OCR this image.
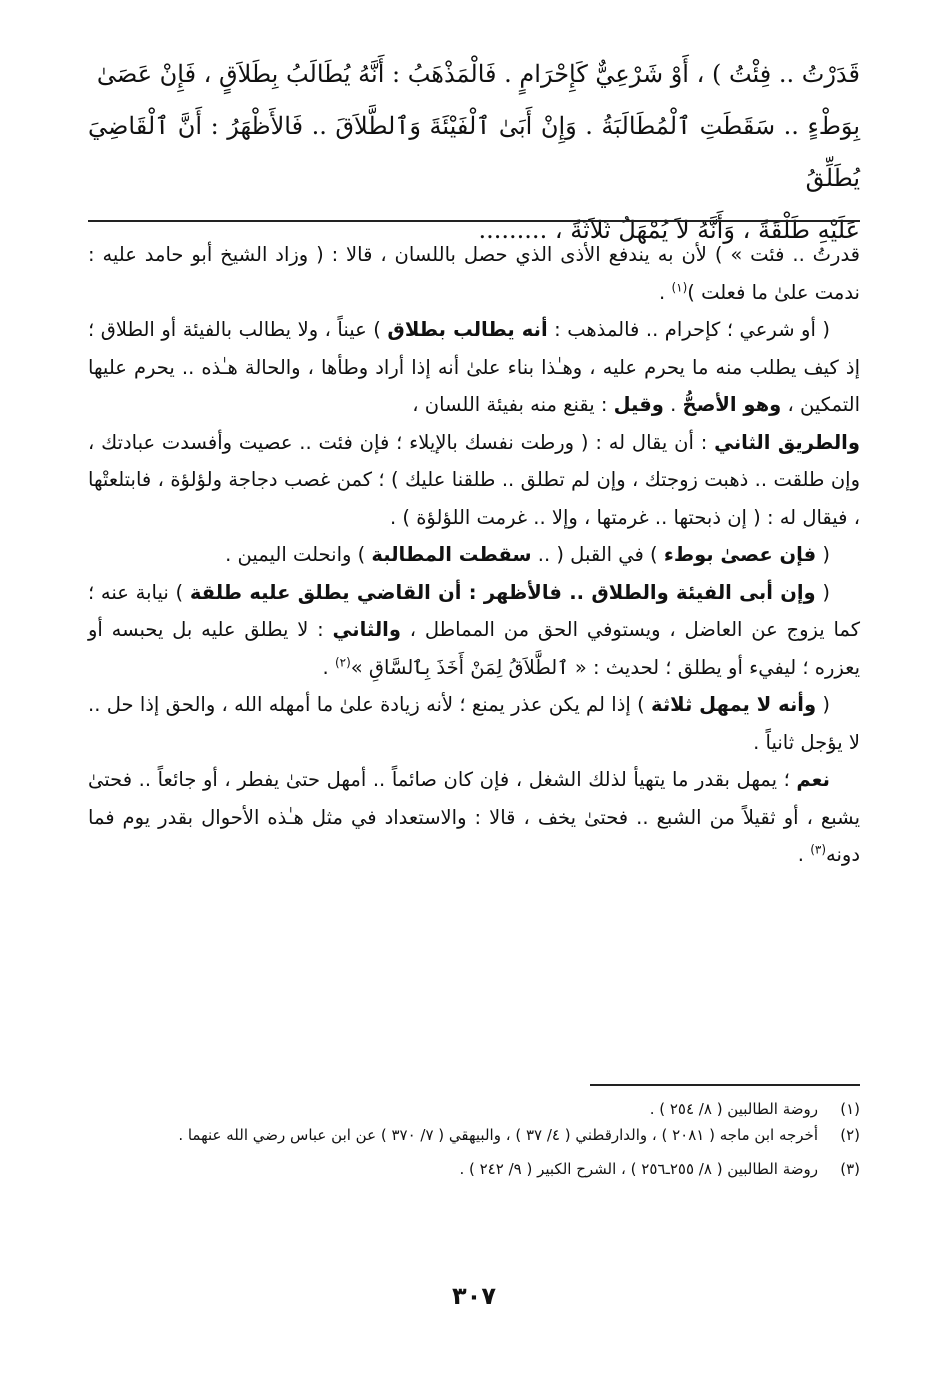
قَدَرْتُ .. فِئْتُ ) ، أَوْ شَرْعِيٌّ كَإِحْرَامٍ . فَالْمَذْهَبُ : أَنَّهُ يُطَالَبُ بِطَلاَقٍ ، فَإِنْ عَصَىٰ
بِوَطْءٍ .. سَقَطَتِ ٱلْمُطَالَبَةُ . وَإِنْ أَبَىٰ ٱلْفَيْئَةَ وَٱلطَّلاَقَ .. فَالأَظْهَرُ : أَنَّ ٱلْقَاضِيَ يُطَلِّقُ
عَلَيْهِ طَلْقَةً ، وَأَنَّهُ لاَ يُمْهَلُ ثَلاَثَةً ، .........

قدرتُ .. فئت » ) لأن به يندفع الأذى الذي حصل باللسان ، قالا : ( وزاد الشيخ أبو حامد عليه : ندمت علىٰ ما فعلت )$^{(١)}$ .

( أو شرعي ؛ كإحرام .. فالمذهب : أنه يطالب بطلاق ) عيناً ، ولا يطالب بالفيئة أو الطلاق ؛ إذ كيف يطلب منه ما يحرم عليه ، وهـٰذا بناء علىٰ أنه إذا أراد وطأها ، والحالة هـٰذه .. يحرم عليها التمكين ، وهو الأصحُّ . وقيل : يقنع منه بفيئة اللسان ،

والطريق الثاني : أن يقال له : ( ورطت نفسك بالإيلاء ؛ فإن فئت .. عصيت وأفسدت عبادتك ، وإن طلقت .. ذهبت زوجتك ، وإن لم تطلق .. طلقنا عليك ) ؛ كمن غصب دجاجة ولؤلؤة ، فابتلعتْها ، فيقال له : ( إن ذبحتها .. غرمتها ، وإلا .. غرمت اللؤلؤة ) .

( فإن عصىٰ بوطء ) في القبل ( .. سقطت المطالبة ) وانحلت اليمين .

( وإن أبى الفيئة والطلاق .. فالأظهر : أن القاضي يطلق عليه طلقة ) نيابة عنه ؛ كما يزوج عن العاضل ، ويستوفي الحق من المماطل ، والثاني : لا يطلق عليه بل يحبسه أو يعزره ؛ ليفيء أو يطلق ؛ لحديث : « ٱلطَّلاَقُ لِمَنْ أَخَذَ بِٱلسَّاقِ »$^{(٢)}$ .

( وأنه لا يمهل ثلاثة ) إذا لم يكن عذر يمنع ؛ لأنه زيادة علىٰ ما أمهله الله ، والحق إذا حل .. لا يؤجل ثانياً .

نعم ؛ يمهل بقدر ما يتهيأ لذلك الشغل ، فإن كان صائماً .. أمهل حتىٰ يفطر ، أو جائعاً .. فحتىٰ يشبع ، أو ثقيلاً من الشبع .. فحتىٰ يخف ، قالا : والاستعداد في مثل هـٰذه الأحوال بقدر يوم فما دونه$^{(٣)}$ .

(١)
روضة الطالبين ( ٨/ ٢٥٤ ) .
(٢)
أخرجه ابن ماجه ( ٢٠٨١ ) ، والدارقطني ( ٤/ ٣٧ ) ، والبيهقي ( ٧/ ٣٧٠ ) عن ابن عباس رضي الله عنهما .
(٣)
روضة الطالبين ( ٨/ ٢٥٥ـ٢٥٦ ) ، الشرح الكبير ( ٩/ ٢٤٢ ) .
٣٠٧
